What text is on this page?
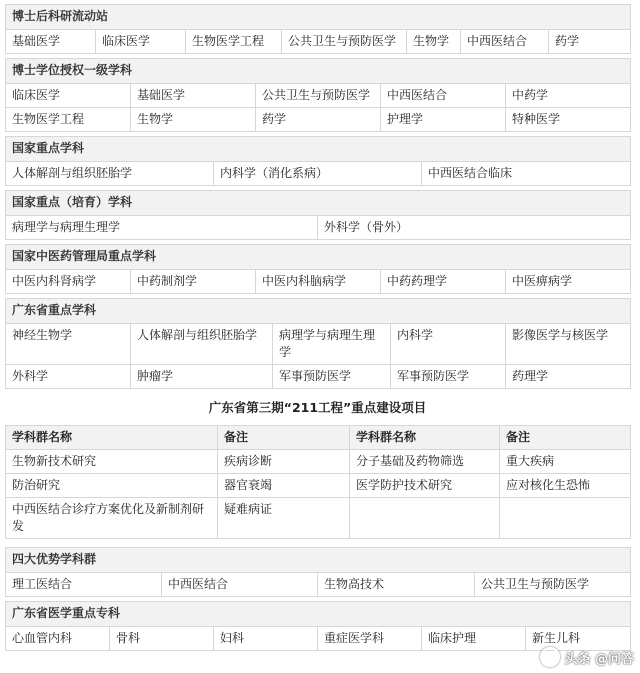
博士后科研流动站
基础医学	临床医学	生物医学工程	公共卫生与预防医学	生物学	中西医结合	药学
博士学位授权一级学科				
临床医学	基础医学	公共卫生与预防医学	中西医结合	中药学
生物医学工程	生物学	药学	护理学	特种医学
国家重点学科
人体解剖与组织胚胎学	内科学（消化系病）	中西医结合临床
国家重点（培育）学科
病理学与病理生理学	外科学（骨外）
国家中医药管理局重点学科
中医内科肾病学	中药制剂学	中医内科脑病学	中药药理学	中医痹病学
广东省重点学科				
神经生物学	人体解剖与组织胚胎学	病理学与病理生理学	内科学	影像医学与核医学
外科学	肿瘤学	军事预防医学	军事预防医学	药理学
广东省第三期“211工程”重点建设项目
学科群名称	备注	学科群名称	备注
生物新技术研究	疾病诊断	分子基础及药物筛选	重大疾病
防治研究	器官衰竭	医学防护技术研究	应对核化生恐怖
中西医结合诊疗方案优化及新制剂研发	疑难病证		
四大优势学科群
理工医结合	中西医结合	生物高技术	公共卫生与预防医学
广东省医学重点专科
心血管内科	骨科	妇科	重症医学科	临床护理	新生儿科
头条 @问答
